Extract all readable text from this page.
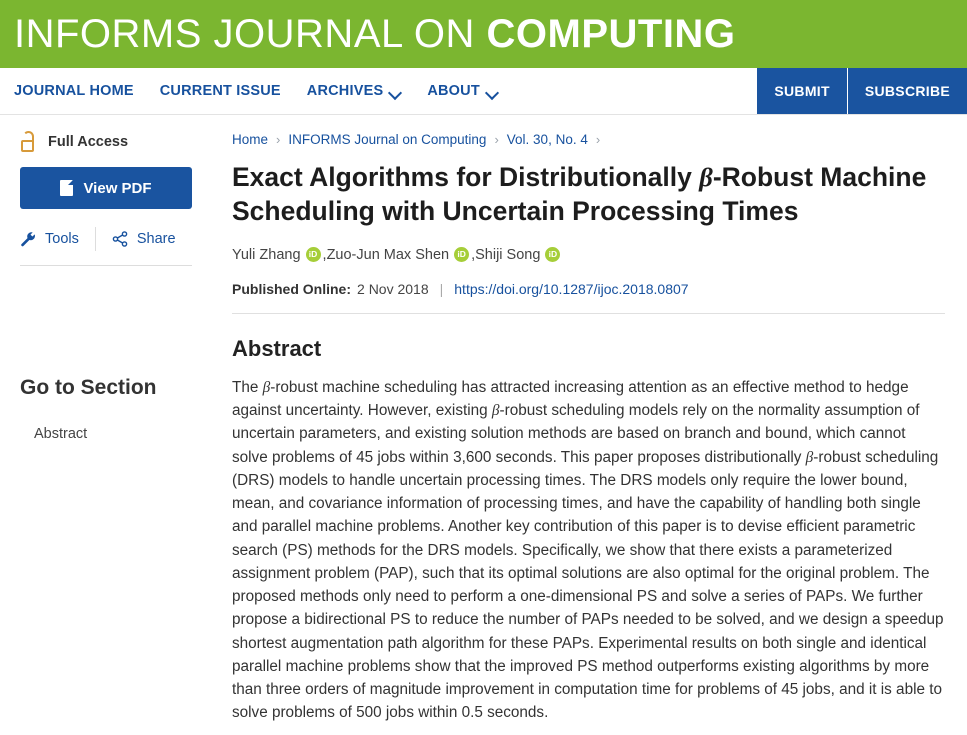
INFORMS JOURNAL ON COMPUTING
JOURNAL HOME CURRENT ISSUE ARCHIVES	ABOUT	SUBMIT	SUBSCRIBE
Full Access
View PDF
Tools	Share
Go to Section
Abstract
Home › INFORMS Journal on Computing › Vol. 30, No. 4 ›
Exact Algorithms for Distributionally β-Robust Machine Scheduling with Uncertain Processing Times
Yuli Zhang iD , Zuo-Jun Max Shen iD , Shiji Song iD
Published Online: 2 Nov 2018 | https://doi.org/10.1287/ijoc.2018.0807
Abstract
The β-robust machine scheduling has attracted increasing attention as an effective method to hedge against uncertainty. However, existing β-robust scheduling models rely on the normality assumption of uncertain parameters, and existing solution methods are based on branch and bound, which cannot solve problems of 45 jobs within 3,600 seconds. This paper proposes distributionally β-robust scheduling (DRS) models to handle uncertain processing times. The DRS models only require the lower bound, mean, and covariance information of processing times, and have the capability of handling both single and parallel machine problems. Another key contribution of this paper is to devise efficient parametric search (PS) methods for the DRS models. Specifically, we show that there exists a parameterized assignment problem (PAP), such that its optimal solutions are also optimal for the original problem. The proposed methods only need to perform a one-dimensional PS and solve a series of PAPs. We further propose a bidirectional PS to reduce the number of PAPs needed to be solved, and we design a speedup shortest augmentation path algorithm for these PAPs. Experimental results on both single and identical parallel machine problems show that the improved PS method outperforms existing algorithms by more than three orders of magnitude improvement in computation time for problems of 45 jobs, and it is able to solve problems of 500 jobs within 0.5 seconds.
